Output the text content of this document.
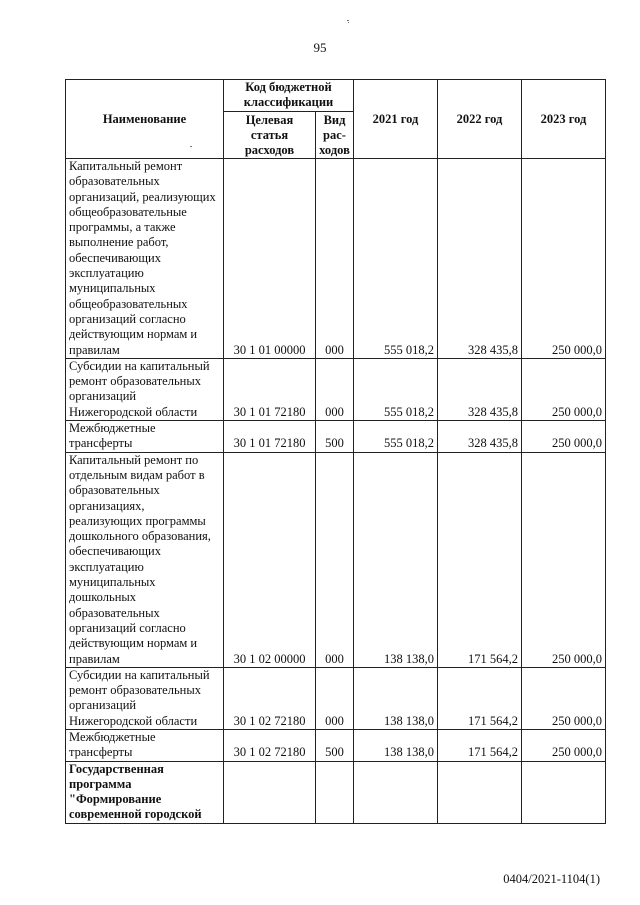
95
Наименование	Код бюджетной классификации		2021 год	2022 год	2023 год
	Целевая статья расходов	Вид рас-ходов			
Капитальный ремонт образовательных организаций, реализующих общеобразовательные программы, а также выполнение работ, обеспечивающих эксплуатацию муниципальных общеобразовательных организаций согласно действующим нормам и правилам	30 1 01 00000	000	555 018,2	328 435,8	250 000,0
Субсидии на капитальный ремонт образовательных организаций Нижегородской области	30 1 01 72180	000	555 018,2	328 435,8	250 000,0
Межбюджетные трансферты	30 1 01 72180	500	555 018,2	328 435,8	250 000,0
Капитальный ремонт по отдельным видам работ в образовательных организациях, реализующих программы дошкольного образования, обеспечивающих эксплуатацию муниципальных дошкольных образовательных организаций согласно действующим нормам и правилам	30 1 02 00000	000	138 138,0	171 564,2	250 000,0
Субсидии на капитальный ремонт образовательных организаций Нижегородской области	30 1 02 72180	000	138 138,0	171 564,2	250 000,0
Межбюджетные трансферты	30 1 02 72180	500	138 138,0	171 564,2	250 000,0
Государственная программа "Формирование современной городской					
0404/2021-1104(1)
